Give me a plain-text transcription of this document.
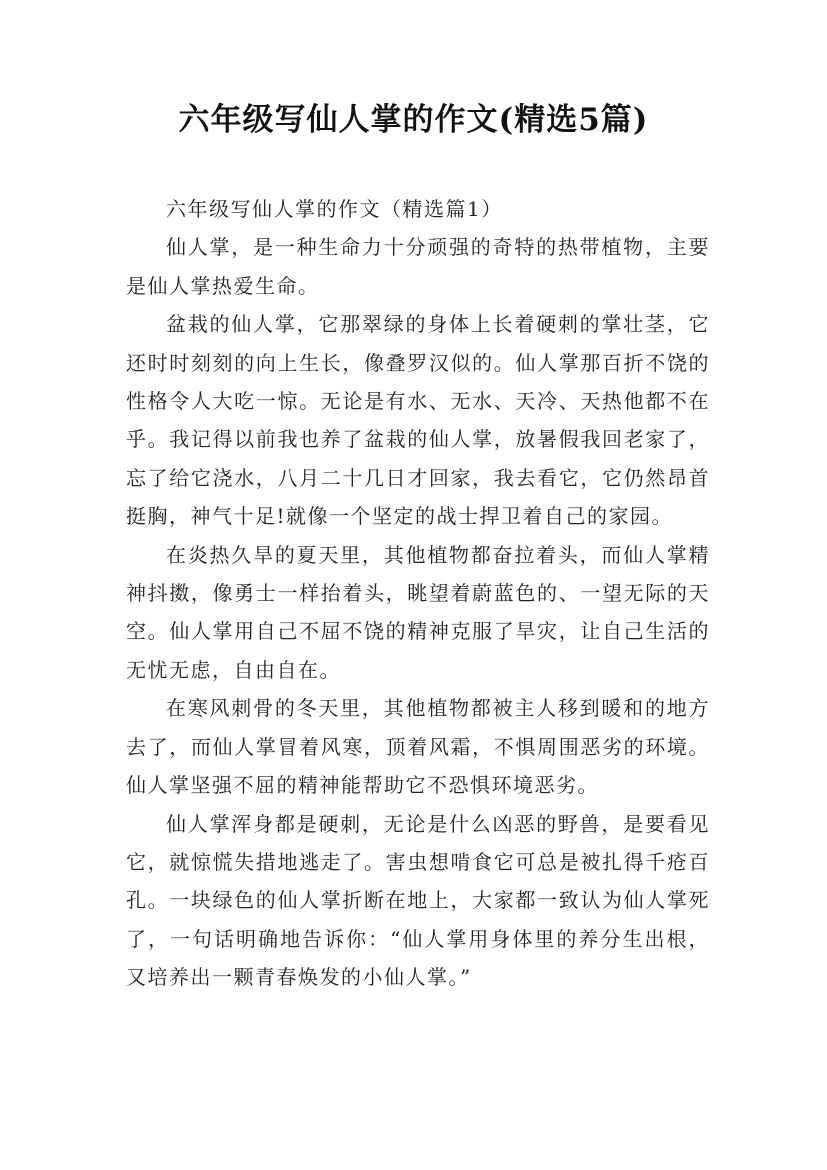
六年级写仙人掌的作文(精选5篇)
六年级写仙人掌的作文（精选篇1）

仙人掌，是一种生命力十分顽强的奇特的热带植物，主要是仙人掌热爱生命。

盆栽的仙人掌，它那翠绿的身体上长着硬刺的掌壮茎，它还时时刻刻的向上生长，像叠罗汉似的。仙人掌那百折不饶的性格令人大吃一惊。无论是有水、无水、天冷、天热他都不在乎。我记得以前我也养了盆栽的仙人掌，放暑假我回老家了，忘了给它浇水，八月二十几日才回家，我去看它，它仍然昂首挺胸，神气十足!就像一个坚定的战士捍卫着自己的家园。

在炎热久旱的夏天里，其他植物都奋拉着头，而仙人掌精神抖擞，像勇士一样抬着头，眺望着蔚蓝色的、一望无际的天空。仙人掌用自己不屈不饶的精神克服了旱灾，让自己生活的无忧无虑，自由自在。

在寒风刺骨的冬天里，其他植物都被主人移到暖和的地方去了，而仙人掌冒着风寒，顶着风霜，不惧周围恶劣的环境。仙人掌坚强不屈的精神能帮助它不恐惧环境恶劣。

仙人掌浑身都是硬刺，无论是什么凶恶的野兽，是要看见它，就惊慌失措地逃走了。害虫想啃食它可总是被扎得千疮百孔。一块绿色的仙人掌折断在地上，大家都一致认为仙人掌死了，一句话明确地告诉你：“仙人掌用身体里的养分生出根，又培养出一颗青春焕发的小仙人掌。”
